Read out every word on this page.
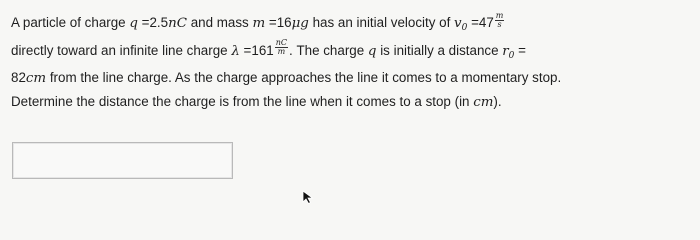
A particle of charge q =2.5nC and mass m =16μg has an initial velocity of $v_0 =47 \frac{m}{s}$
directly toward an infinite line charge $\lambda =161 \frac{nC}{m}$ . The charge q is initially a distance $r_0$ =
82cm from the line charge. As the charge approaches the line it comes to a momentary stop.
Determine the distance the charge is from the line when it comes to a stop (in cm).
